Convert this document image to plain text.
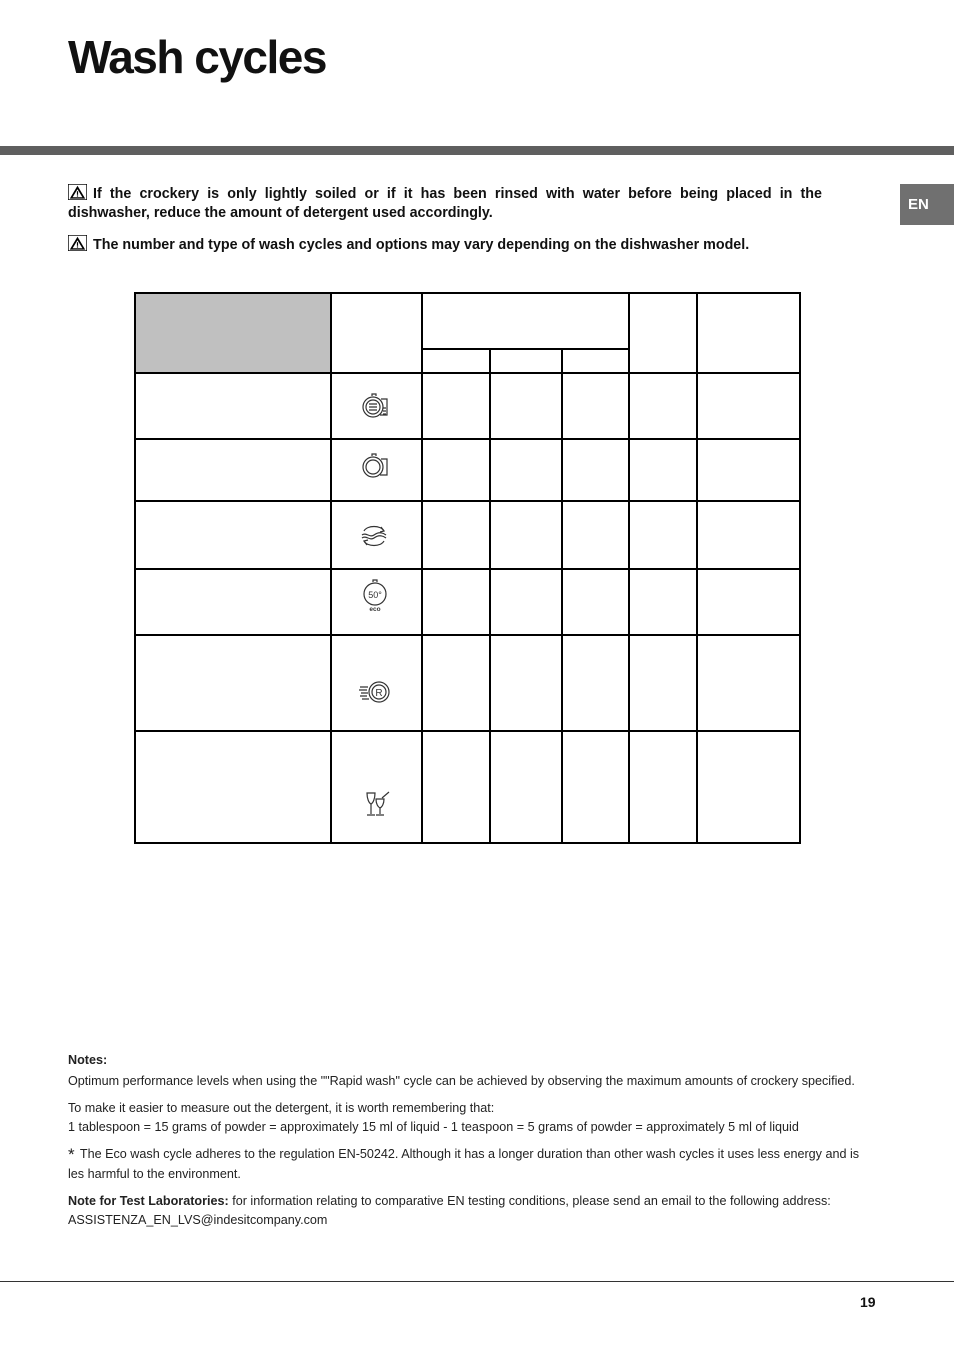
Wash cycles
EN
If the crockery is only lightly soiled or if it has been rinsed with water before being placed in the dishwasher, reduce the amount of detergent used accordingly.
The number and type of wash cycles and options may vary depending on the dishwasher model.
50°
eco
R

Notes:

Optimum performance levels when using the ""Rapid wash" cycle can be achieved by observing the maximum amounts of crockery specified.

To make it easier to measure out the detergent, it is worth remembering that:
1 tablespoon = 15 grams of powder = approximately 15 ml of liquid - 1 teaspoon = 5 grams of powder = approximately 5 ml of liquid

* The Eco wash cycle adheres to the regulation EN-50242. Although it has a longer duration than other wash cycles it uses less energy and is les harmful to the environment.

Note for Test Laboratories: for information relating to comparative EN testing conditions, please send an email to the following address: ASSISTENZA_EN_LVS@indesitcompany.com

19
